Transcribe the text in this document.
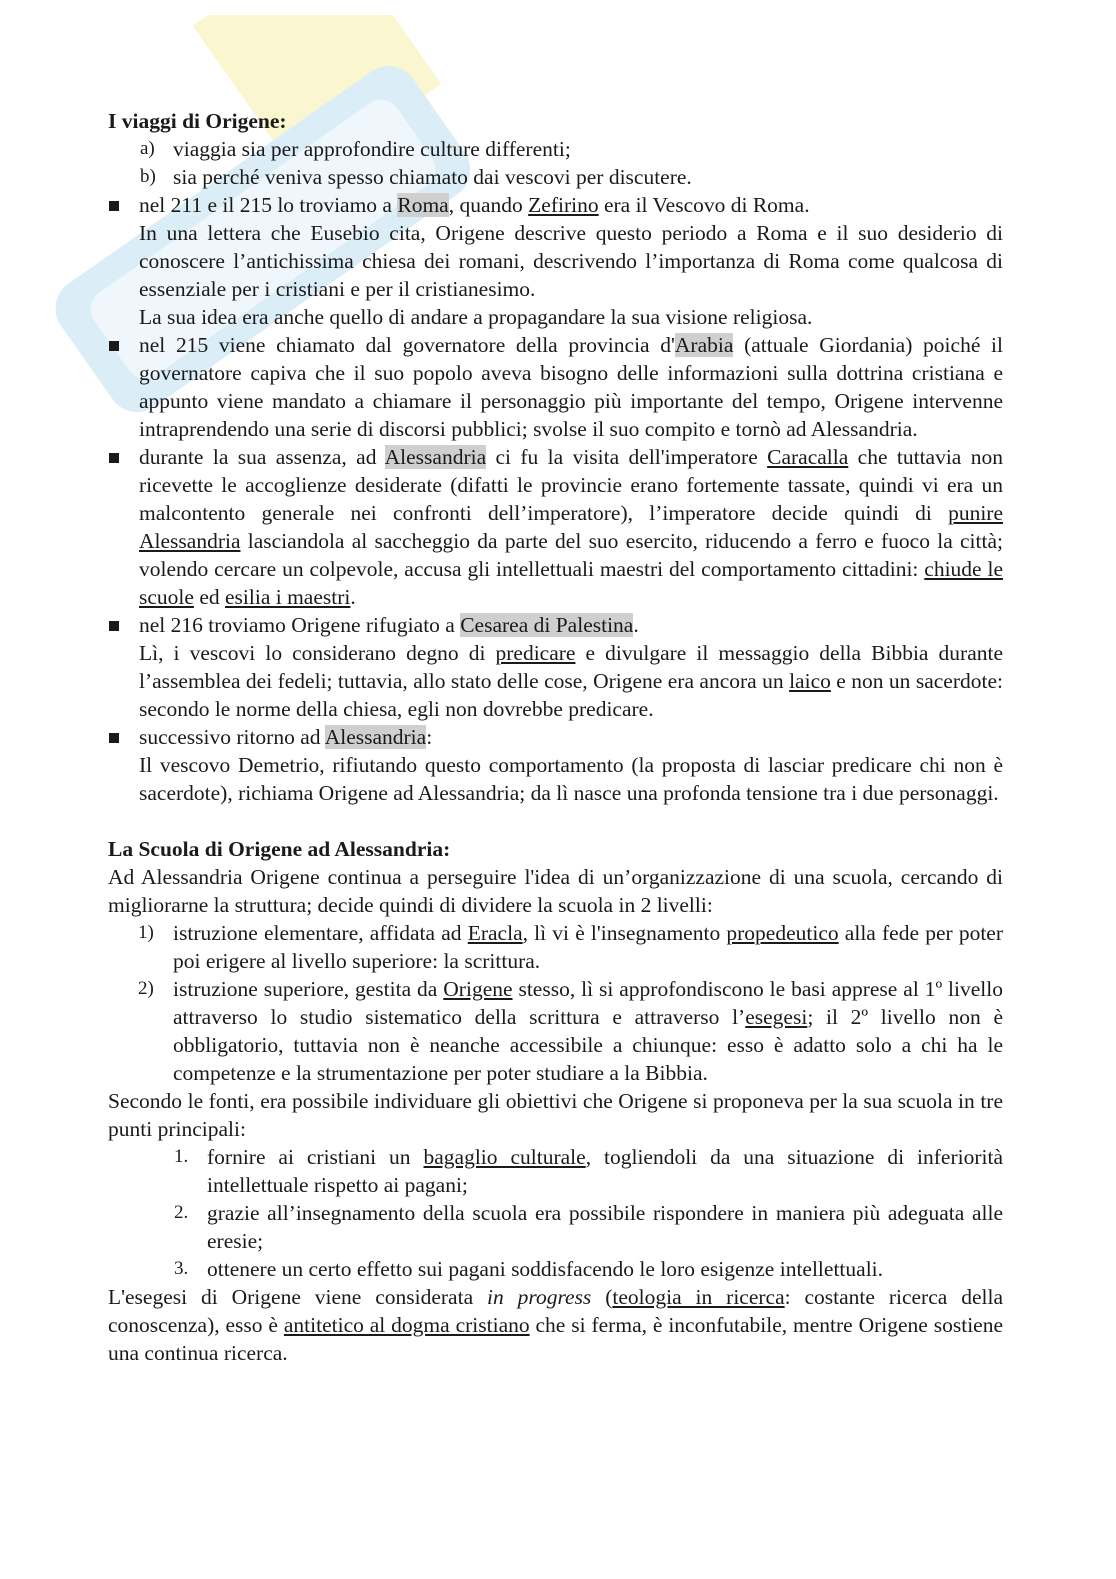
I viaggi di Origene:
a) viaggia sia per approfondire culture differenti;
b) sia perché veniva spesso chiamato dai vescovi per discutere.
nel 211 e il 215 lo troviamo a Roma, quando Zefirino era il Vescovo di Roma.

In una lettera che Eusebio cita, Origene descrive questo periodo a Roma e il suo desiderio di conoscere l’antichissima chiesa dei romani, descrivendo l’importanza di Roma come qualcosa di essenziale per i cristiani e per il cristianesimo.

La sua idea era anche quello di andare a propagandare la sua visione religiosa.

nel 215 viene chiamato dal governatore della provincia d'Arabia (attuale Giordania) poiché il governatore capiva che il suo popolo aveva bisogno delle informazioni sulla dottrina cristiana e appunto viene mandato a chiamare il personaggio più importante del tempo, Origene intervenne intraprendendo una serie di discorsi pubblici; svolse il suo compito e tornò ad Alessandria.
durante la sua assenza, ad Alessandria ci fu la visita dell'imperatore Caracalla che tuttavia non ricevette le accoglienze desiderate (difatti le provincie erano fortemente tassate, quindi vi era un malcontento generale nei confronti dell’imperatore), l’imperatore decide quindi di punire Alessandria lasciandola al saccheggio da parte del suo esercito, riducendo a ferro e fuoco la città; volendo cercare un colpevole, accusa gli intellettuali maestri del comportamento cittadini: chiude le scuole ed esilia i maestri.
nel 216 troviamo Origene rifugiato a Cesarea di Palestina.

Lì, i vescovi lo considerano degno di predicare e divulgare il messaggio della Bibbia durante l’assemblea dei fedeli; tuttavia, allo stato delle cose, Origene era ancora un laico e non un sacerdote: secondo le norme della chiesa, egli non dovrebbe predicare.

successivo ritorno ad Alessandria:

Il vescovo Demetrio, rifiutando questo comportamento (la proposta di lasciar predicare chi non è sacerdote), richiama Origene ad Alessandria; da lì nasce una profonda tensione tra i due personaggi.

La Scuola di Origene ad Alessandria:

Ad Alessandria Origene continua a perseguire l'idea di un’organizzazione di una scuola, cercando di migliorarne la struttura; decide quindi di dividere la scuola in 2 livelli:

1) istruzione elementare, affidata ad Eracla, lì vi è l'insegnamento propedeutico alla fede per poter poi erigere al livello superiore: la scrittura.
2) istruzione superiore, gestita da Origene stesso, lì si approfondiscono le basi apprese al 1º livello attraverso lo studio sistematico della scrittura e attraverso l’esegesi; il 2º livello non è obbligatorio, tuttavia non è neanche accessibile a chiunque: esso è adatto solo a chi ha le competenze e la strumentazione per poter studiare a la Bibbia.

Secondo le fonti, era possibile individuare gli obiettivi che Origene si proponeva per la sua scuola in tre punti principali:

1. fornire ai cristiani un bagaglio culturale, togliendoli da una situazione di inferiorità intellettuale rispetto ai pagani;
2. grazie all’insegnamento della scuola era possibile rispondere in maniera più adeguata alle eresie;
3. ottenere un certo effetto sui pagani soddisfacendo le loro esigenze intellettuali.

L'esegesi di Origene viene considerata in progress (teologia in ricerca: costante ricerca della conoscenza), esso è antitetico al dogma cristiano che si ferma, è inconfutabile, mentre Origene sostiene una continua ricerca.
